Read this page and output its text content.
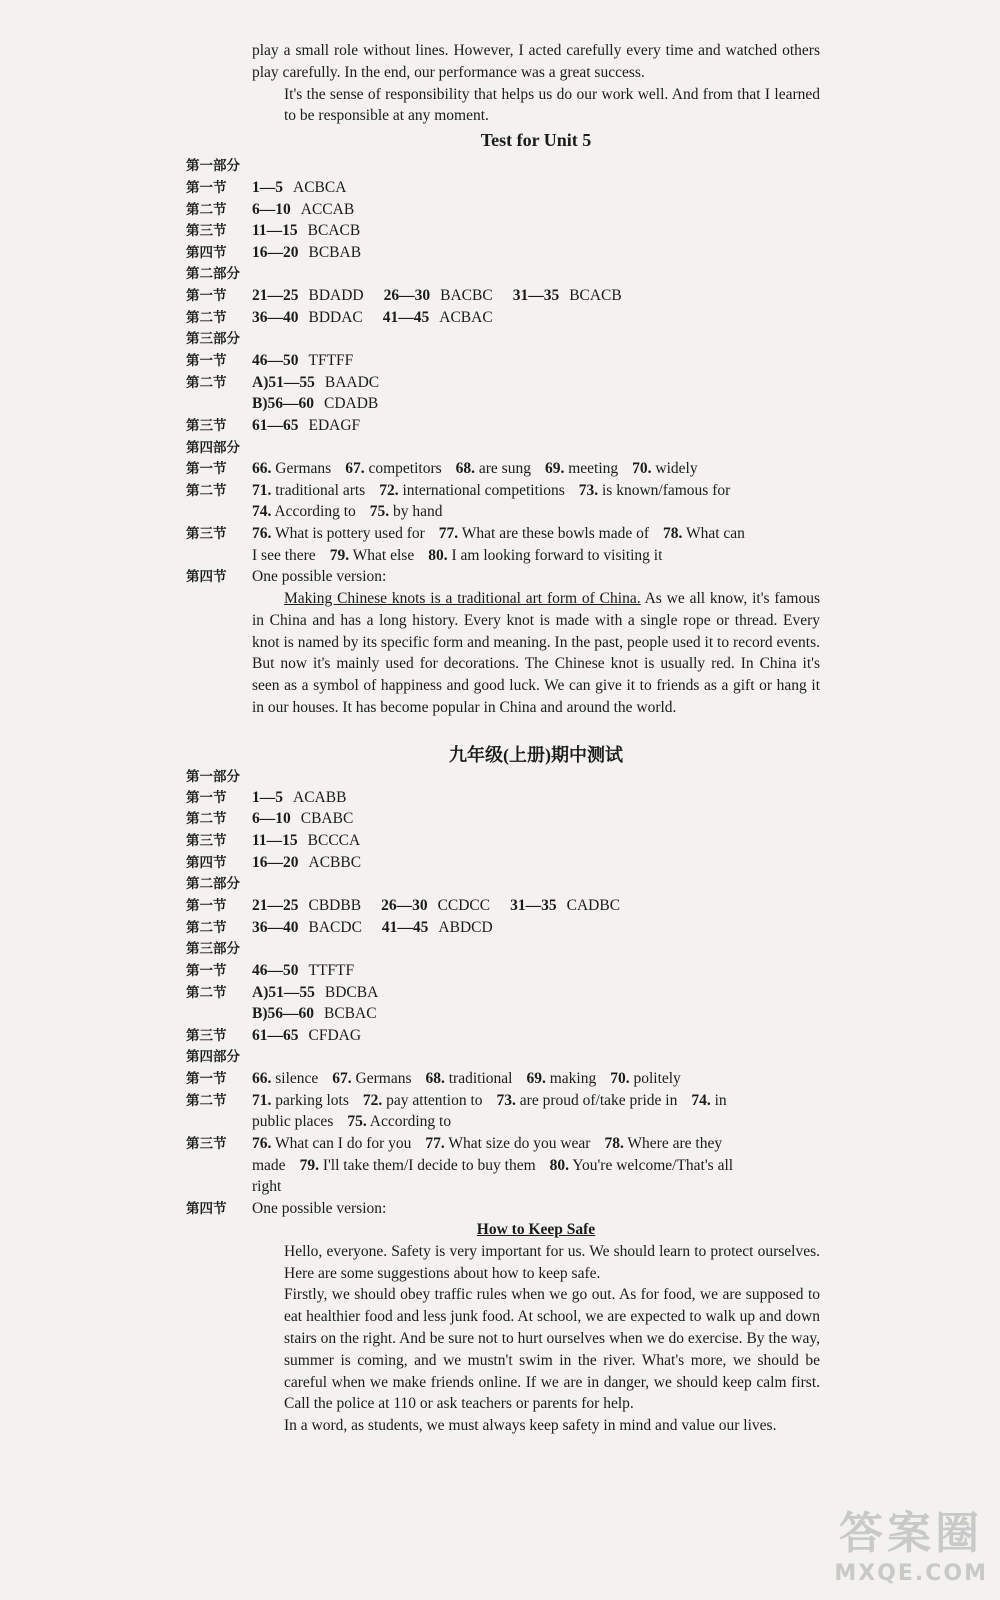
play a small role without lines. However, I acted carefully every time and watched others play carefully. In the end, our performance was a great success.
It's the sense of responsibility that helps us do our work well. And from that I learned to be responsible at any moment.
Test for Unit 5
第一部分
第一节 1—5 ACBCA
第二节 6—10 ACCAB
第三节 11—15 BCACB
第四节 16—20 BCBAB
第二部分
第一节 21—25 BDADD 26—30 BACBC 31—35 BCACB
第二节 36—40 BDDAC 41—45 ACBAC
第三部分
第一节 46—50 TFTFF
第二节 A)51—55 BAADC
B)56—60 CDADB
第三节 61—65 EDAGF
第四部分
第一节 66. Germans 67. competitors 68. are sung 69. meeting 70. widely
第二节 71. traditional arts 72. international competitions 73. is known/famous for
74. According to 75. by hand
第三节 76. What is pottery used for 77. What are these bowls made of 78. What can
I see there 79. What else 80. I am looking forward to visiting it
第四节 One possible version:
Making Chinese knots is a traditional art form of China. As we all know, it's famous in China and has a long history. Every knot is made with a single rope or thread. Every knot is named by its specific form and meaning. In the past, people used it to record events. But now it's mainly used for decorations. The Chinese knot is usually red. In China it's seen as a symbol of happiness and good luck. We can give it to friends as a gift or hang it in our houses. It has become popular in China and around the world.
九年级(上册)期中测试
第一部分
第一节 1—5 ACABB
第二节 6—10 CBABC
第三节 11—15 BCCCA
第四节 16—20 ACBBC
第二部分
第一节 21—25 CBDBB 26—30 CCDCC 31—35 CADBC
第二节 36—40 BACDC 41—45 ABDCD
第三部分
第一节 46—50 TTFTF
第二节 A)51—55 BDCBA
B)56—60 BCBAC
第三节 61—65 CFDAG
第四部分
第一节 66. silence 67. Germans 68. traditional 69. making 70. politely
第二节 71. parking lots 72. pay attention to 73. are proud of/take pride in 74. in
public places 75. According to
第三节 76. What can I do for you 77. What size do you wear 78. Where are they
made 79. I'll take them/I decide to buy them 80. You're welcome/That's all
right
第四节 One possible version:
How to Keep Safe
Hello, everyone. Safety is very important for us. We should learn to protect ourselves. Here are some suggestions about how to keep safe.
Firstly, we should obey traffic rules when we go out. As for food, we are supposed to eat healthier food and less junk food. At school, we are expected to walk up and down stairs on the right. And be sure not to hurt ourselves when we do exercise. By the way, summer is coming, and we mustn't swim in the river. What's more, we should be careful when we make friends online. If we are in danger, we should keep calm first. Call the police at 110 or ask teachers or parents for help.
In a word, as students, we must always keep safety in mind and value our lives.
答案圈
MXQE.COM
